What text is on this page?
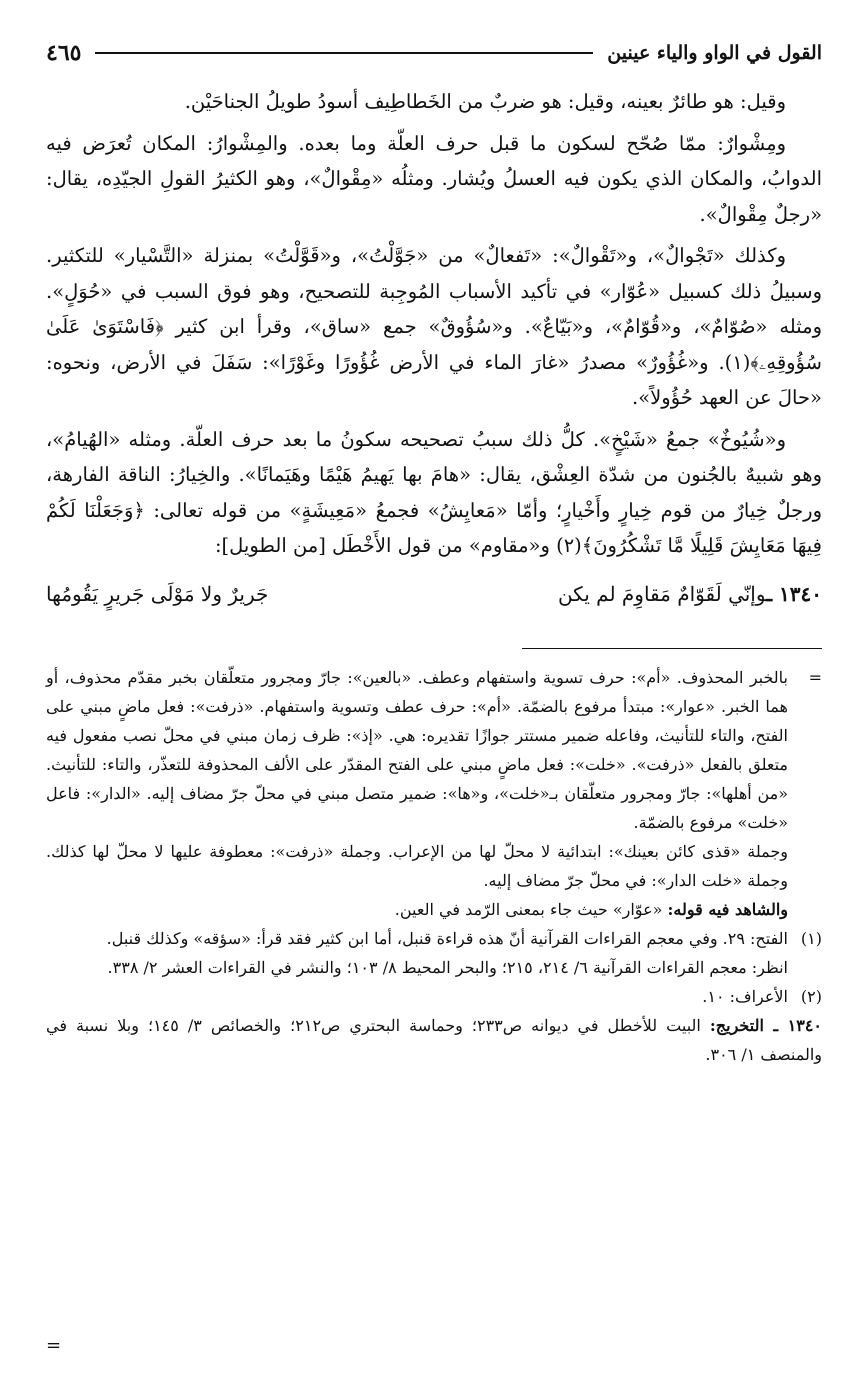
القول في الواو والياء عينين
٤٦٥

وقيل: هو طائرٌ بعينه، وقيل: هو ضربٌ من الخَطاطِيف أسودُ طويلُ الجناحَيْن.

ومِشْوارٌ: ممّا صُحّح لسكون ما قبل حرف العلّة وما بعده. والمِشْوارُ: المكان تُعرَض فيه الدوابُ، والمكان الذي يكون فيه العسلُ ويُشار. ومثلُه «مِقْوالٌ»، وهو الكثيرُ القولِ الجيّدِه، يقال: «رجلٌ مِقْوالٌ».

وكذلك «تَجْوالٌ»، و«تَقْوالٌ»: «تَفعالٌ» من «جَوَّلْتُ»، و«قَوَّلْتُ» بمنزلة «التَّسْيار» للتكثير. وسبيلُ ذلك كسبيل «عُوّار» في تأكيد الأسباب المُوجِبة للتصحيح، وهو فوق السبب في «حُوَلٍ». ومثله «صُوّامٌ»، و«قُوّامٌ»، و«بَيّاعٌ». و«سُؤُوقٌ» جمع «ساق»، وقرأ ابن كثير ﴿فَاسْتَوَىٰ عَلَىٰ سُؤُوقِهِۦ﴾(١). و«غُؤُورٌ» مصدرُ «غارَ الماء في الأرض غُؤُورًا وغَوْرًا»: سَفَلَ في الأرض، ونحوه: «حالَ عن العهد حُؤُولاً».

و«شُيُوخٌ» جمعُ «شَيْخٍ». كلُّ ذلك سببُ تصحيحه سكونُ ما بعد حرف العلّة. ومثله «الهُيامُ»، وهو شبيهٌ بالجُنون من شدّة العِشْق، يقال: «هامَ بها يَهيمُ هَيْمًا وهَيَمانًا». والخِيارُ: الناقة الفارهة، ورجلٌ خِيارٌ من قوم خِيارٍ وأَخْيارٍ؛ وأمّا «مَعايِشُ» فجمعُ «مَعِيشَةٍ» من قوله تعالى: ﴿وَجَعَلْنَا لَكُمْ فِيهَا مَعَايِشَ قَلِيلًا مَّا تَشْكُرُونَ﴾(٢) و«مقاوم» من قول الأَخْطَل [من الطويل]:

١٣٤٠ ـوإنّي لَقَوّامٌ مَقاوِمَ لم يكن
جَريرٌ ولا مَوْلَى جَريرٍ يَقُومُها
=

بالخبر المحذوف. «أم»: حرف تسوية واستفهام وعطف. «بالعين»: جارّ ومجرور متعلّقان بخبر مقدّم محذوف، أو هما الخبر. «عوار»: مبتدأ مرفوع بالضمّة. «أم»: حرف عطف وتسوية واستفهام. «ذرفت»: فعل ماضٍ مبني على الفتح، والتاء للتأنيث، وفاعله ضمير مستتر جوازًا تقديره: هي. «إذ»: ظرف زمان مبني في محلّ نصب مفعول فيه متعلق بالفعل «ذرفت». «خلت»: فعل ماضٍ مبني على الفتح المقدّر على الألف المحذوفة للتعذّر، والتاء: للتأنيث. «من أهلها»: جارّ ومجرور متعلّقان بـ«خلت»، و«ها»: ضمير متصل مبني في محلّ جرّ مضاف إليه. «الدار»: فاعل «خلت» مرفوع بالضمّة.

وجملة «قذى كائن بعينك»: ابتدائية لا محلّ لها من الإعراب. وجملة «ذرفت»: معطوفة عليها لا محلّ لها كذلك. وجملة «خلت الدار»: في محلّ جرّ مضاف إليه.

والشاهد فيه قوله: «عوّار» حيث جاء بمعنى الرّمد في العين.

(١)
الفتح: ٢٩. وفي معجم القراءات القرآنية أنّ هذه قراءة قنبل، أما ابن كثير فقد قرأ: «سؤقه» وكذلك قنبل.

انظر: معجم القراءات القرآنية ٦/ ٢١٤، ٢١٥؛ والبحر المحيط ٨/ ١٠٣؛ والنشر في القراءات العشر ٢/ ٣٣٨.

(٢)
الأعراف: ١٠.

١٣٤٠ ـ التخريج: البيت للأخطل في ديوانه ص٢٣٣؛ وحماسة البحتري ص٢١٢؛ والخصائص ٣/ ١٤٥؛ وبلا نسبة في والمنصف ١/ ٣٠٦.

=
